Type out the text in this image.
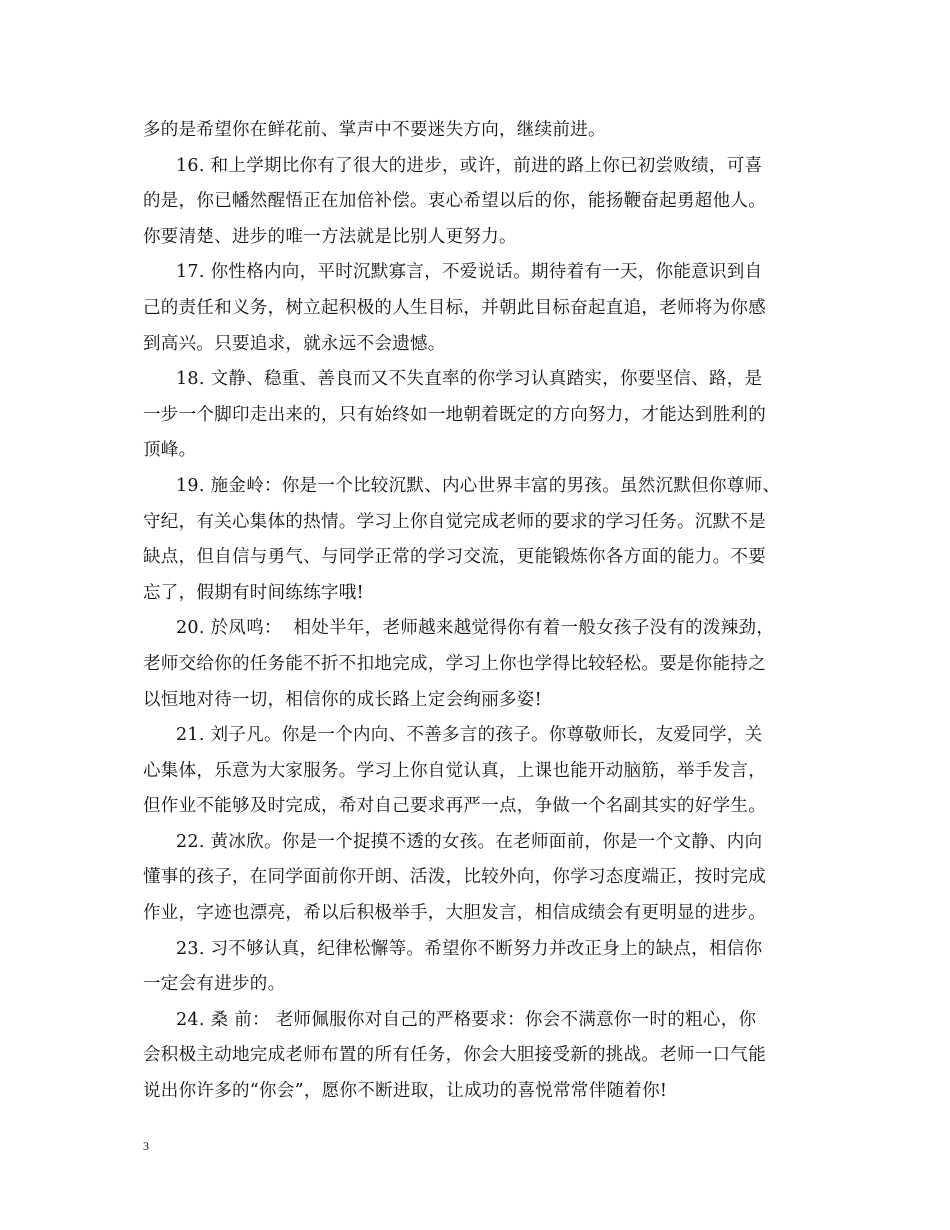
多的是希望你在鲜花前、掌声中不要迷失方向，继续前进。

16. 和上学期比你有了很大的进步，或许，前进的路上你已初尝败绩，可喜

的是，你已幡然醒悟正在加倍补偿。衷心希望以后的你，能扬鞭奋起勇超他人。

你要清楚、进步的唯一方法就是比别人更努力。

17. 你性格内向，平时沉默寡言，不爱说话。期待着有一天，你能意识到自

己的责任和义务，树立起积极的人生目标，并朝此目标奋起直追，老师将为你感

到高兴。只要追求，就永远不会遗憾。

18. 文静、稳重、善良而又不失直率的你学习认真踏实，你要坚信、路，是

一步一个脚印走出来的，只有始终如一地朝着既定的方向努力，才能达到胜利的

顶峰。

19. 施金岭：你是一个比较沉默、内心世界丰富的男孩。虽然沉默但你尊师、

守纪，有关心集体的热情。学习上你自觉完成老师的要求的学习任务。沉默不是

缺点，但自信与勇气、与同学正常的学习交流，更能锻炼你各方面的能力。不要

忘了，假期有时间练练字哦!

20. 於凤鸣：  相处半年，老师越来越觉得你有着一般女孩子没有的泼辣劲，

老师交给你的任务能不折不扣地完成，学习上你也学得比较轻松。要是你能持之

以恒地对待一切，相信你的成长路上定会绚丽多姿!

21. 刘子凡。你是一个内向、不善多言的孩子。你尊敬师长，友爱同学，关

心集体，乐意为大家服务。学习上你自觉认真，上课也能开动脑筋，举手发言，

但作业不能够及时完成，希对自己要求再严一点，争做一个名副其实的好学生。

22. 黄冰欣。你是一个捉摸不透的女孩。在老师面前，你是一个文静、内向

懂事的孩子，在同学面前你开朗、活泼，比较外向，你学习态度端正，按时完成

作业，字迹也漂亮，希以后积极举手，大胆发言，相信成绩会有更明显的进步。

23. 习不够认真，纪律松懈等。希望你不断努力并改正身上的缺点，相信你

一定会有进步的。

24. 桑 前： 老师佩服你对自己的严格要求：你会不满意你一时的粗心，你

会积极主动地完成老师布置的所有任务，你会大胆接受新的挑战。老师一口气能

说出你许多的“你会”，愿你不断进取，让成功的喜悦常常伴随着你!

3
